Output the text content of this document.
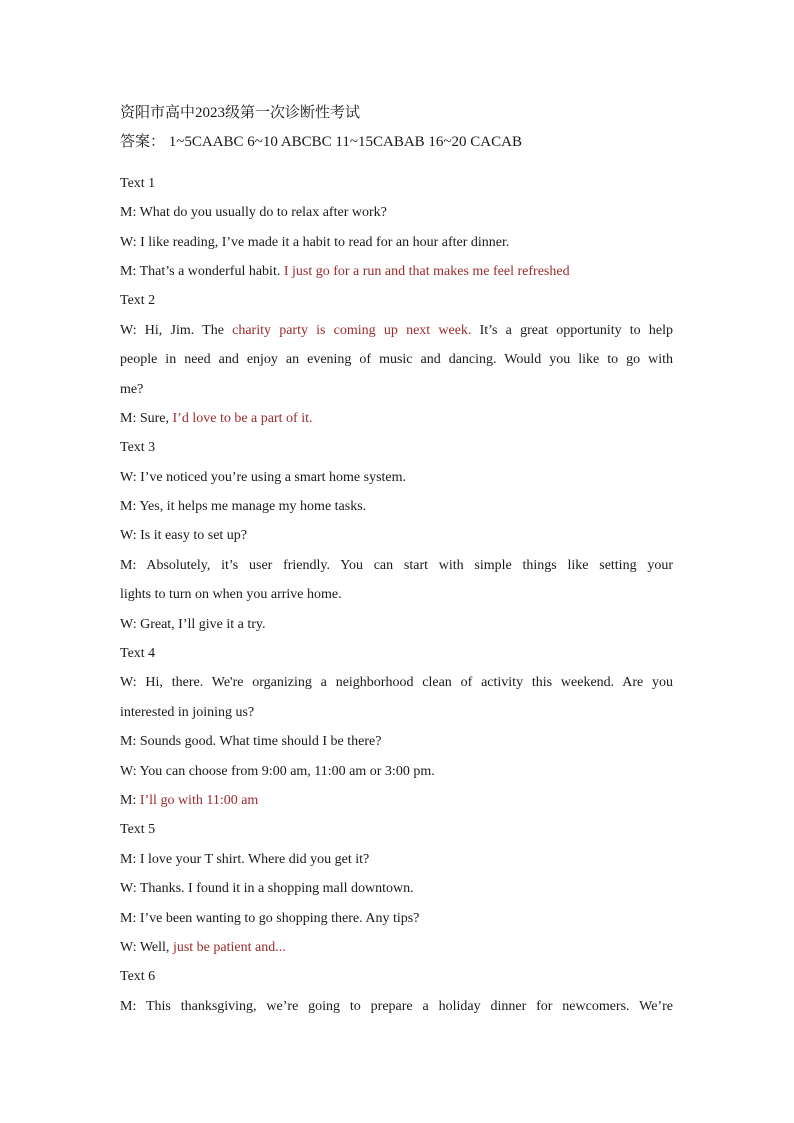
资阳市高中2023级第一次诊断性考试
答案： 1~5CAABC 6~10 ABCBC 11~15CABAB 16~20 CACAB
Text 1
M: What do you usually do to relax after work?
W: I like reading, I’ve made it a habit to read for an hour after dinner.
M: That’s a wonderful habit. I just go for a run and that makes me feel refreshed
Text 2
W: Hi, Jim. The charity party is coming up next week. It’s a great opportunity to help
people in need and enjoy an evening of music and dancing. Would you like to go with
me?
M: Sure, I’d love to be a part of it.
Text 3
W: I’ve noticed you’re using a smart home system.
M: Yes, it helps me manage my home tasks.
W: Is it easy to set up?
M: Absolutely, it’s user friendly. You can start with simple things like setting your
lights to turn on when you arrive home.
W: Great, I’ll give it a try.
Text 4
W: Hi, there. We're organizing a neighborhood clean of activity this weekend. Are you
interested in joining us?
M: Sounds good. What time should I be there?
W: You can choose from 9:00 am, 11:00 am or 3:00 pm.
M: I’ll go with 11:00 am
Text 5
M: I love your T shirt. Where did you get it?
W: Thanks. I found it in a shopping mall downtown.
M: I’ve been wanting to go shopping there. Any tips?
W: Well, just be patient and...
Text 6
M: This thanksgiving, we’re going to prepare a holiday dinner for newcomers. We’re
